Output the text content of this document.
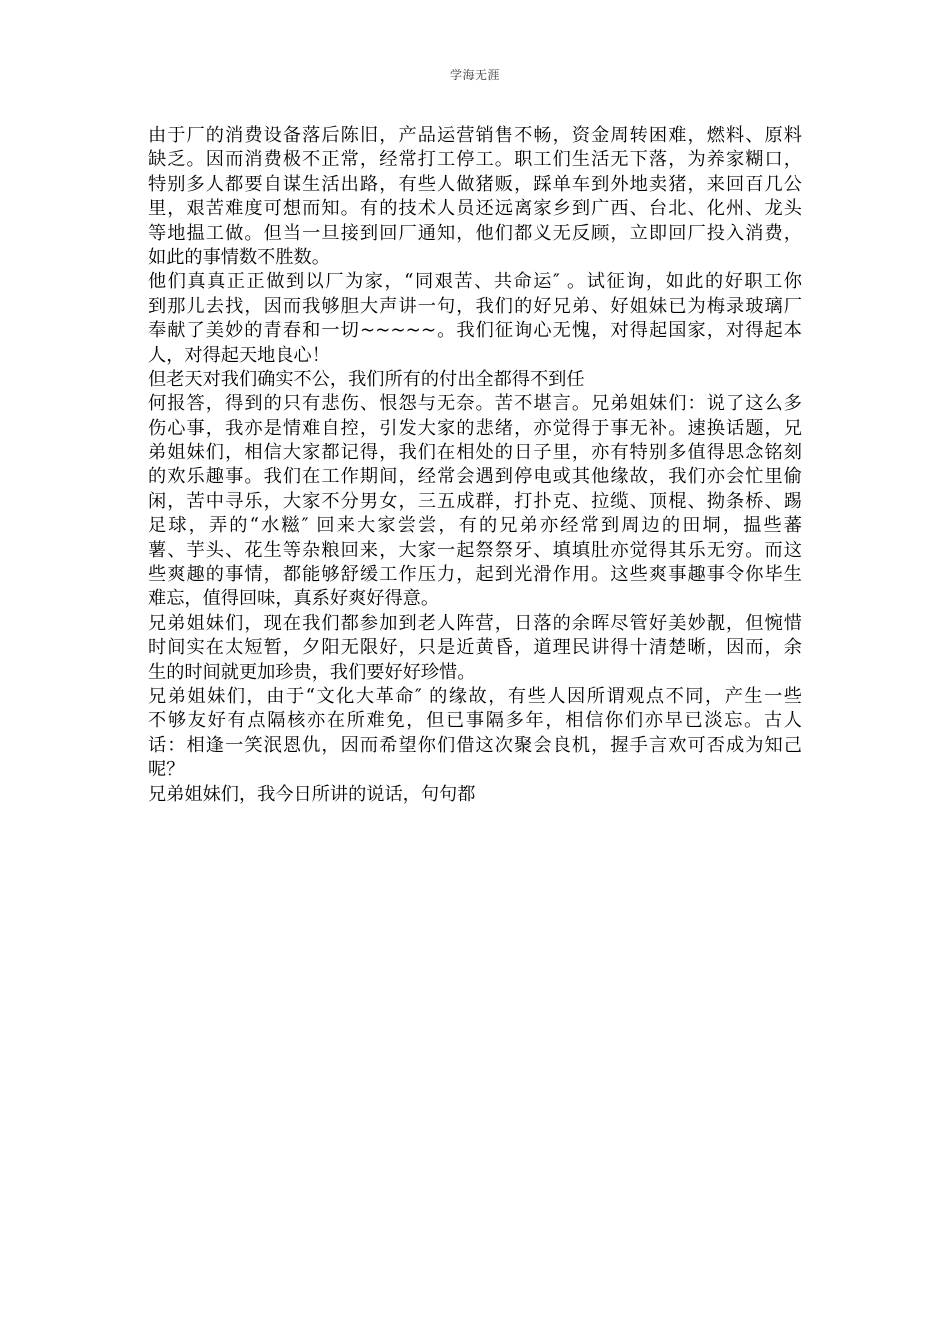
学海无涯
由于厂的消费设备落后陈旧，产品运营销售不畅，资金周转困难，燃料、原料
缺乏。因而消费极不正常，经常打工停工。职工们生活无下落，为养家糊口，
特别多人都要自谋生活出路，有些人做猪贩，踩单车到外地卖猪，来回百几公
里，艰苦难度可想而知。有的技术人员还远离家乡到广西、台北、化州、龙头
等地揾工做。但当一旦接到回厂通知，他们都义无反顾，立即回厂投入消费，
如此的事情数不胜数。
他们真真正正做到以厂为家，“同艰苦、共命运″ 。试征询，如此的好职工你
到那儿去找，因而我够胆大声讲一句，我们的好兄弟、好姐妹已为梅录玻璃厂
奉献了美妙的青春和一切~~~~~。我们征询心无愧，对得起国家，对得起本
人，对得起天地良心！
但老天对我们确实不公，我们所有的付出全都得不到任
何报答，得到的只有悲伤、恨怨与无奈。苦不堪言。兄弟姐妹们：说了这么多
伤心事，我亦是情难自控，引发大家的悲绪，亦觉得于事无补。速换话题，兄
弟姐妹们，相信大家都记得，我们在相处的日子里，亦有特别多值得思念铭刻
的欢乐趣事。我们在工作期间，经常会遇到停电或其他缘故，我们亦会忙里偷
闲，苦中寻乐，大家不分男女，三五成群，打扑克、拉缆、顶棍、拗条桥、踢
足球，弄的“水糍″ 回来大家尝尝，有的兄弟亦经常到周边的田垌，揾些蕃
薯、芋头、花生等杂粮回来，大家一起祭祭牙、填填肚亦觉得其乐无穷。而这
些爽趣的事情，都能够舒缓工作压力，起到光滑作用。这些爽事趣事令你毕生
难忘，值得回味，真系好爽好得意。
兄弟姐妹们，现在我们都参加到老人阵营，日落的余晖尽管好美妙靓，但惋惜
时间实在太短暂，夕阳无限好，只是近黄昏，道理民讲得十清楚晰，因而，余
生的时间就更加珍贵，我们要好好珍惜。
兄弟姐妹们，由于“文化大革命″ 的缘故，有些人因所谓观点不同，产生一些
不够友好有点隔核亦在所难免，但已事隔多年，相信你们亦早已淡忘。古人
话：相逢一笑泯恩仇，因而希望你们借这次聚会良机，握手言欢可否成为知己
呢？
兄弟姐妹们，我今日所讲的说话，句句都
